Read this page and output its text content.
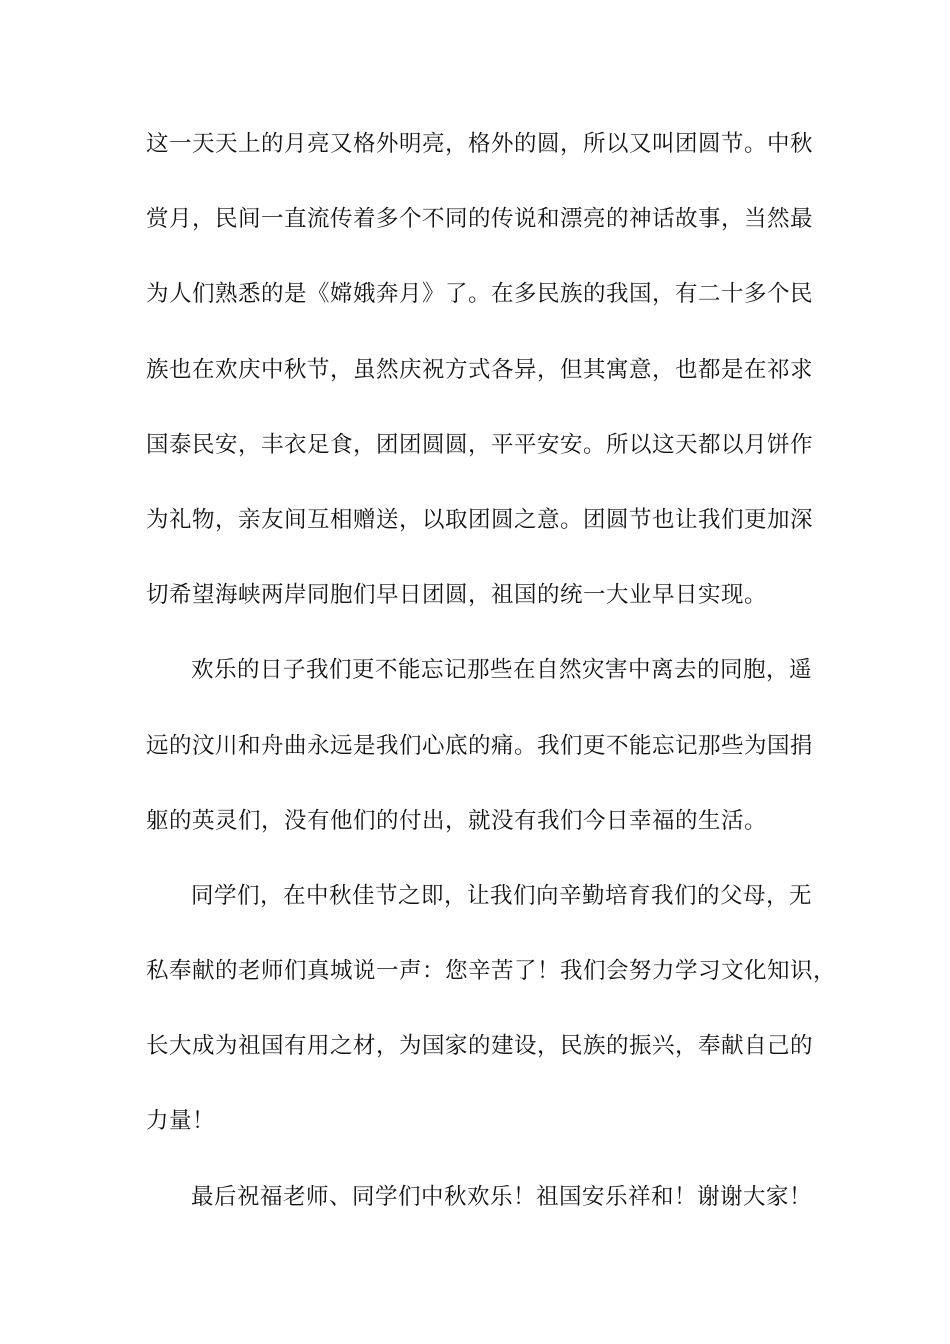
这一天天上的月亮又格外明亮，格外的圆，所以又叫团圆节。中秋
赏月，民间一直流传着多个不同的传说和漂亮的神话故事，当然最
为人们熟悉的是《嫦娥奔月》了。在多民族的我国，有二十多个民
族也在欢庆中秋节，虽然庆祝方式各异，但其寓意，也都是在祁求
国泰民安，丰衣足食，团团圆圆，平平安安。所以这天都以月饼作
为礼物，亲友间互相赠送，以取团圆之意。团圆节也让我们更加深
切希望海峡两岸同胞们早日团圆，祖国的统一大业早日实现。
欢乐的日子我们更不能忘记那些在自然灾害中离去的同胞，遥
远的汶川和舟曲永远是我们心底的痛。我们更不能忘记那些为国捐
躯的英灵们，没有他们的付出，就没有我们今日幸福的生活。
同学们，在中秋佳节之即，让我们向辛勤培育我们的父母，无
私奉献的老师们真城说一声：您辛苦了！我们会努力学习文化知识，
长大成为祖国有用之材，为国家的建设，民族的振兴，奉献自己的
力量！
最后祝福老师、同学们中秋欢乐！祖国安乐祥和！谢谢大家！
